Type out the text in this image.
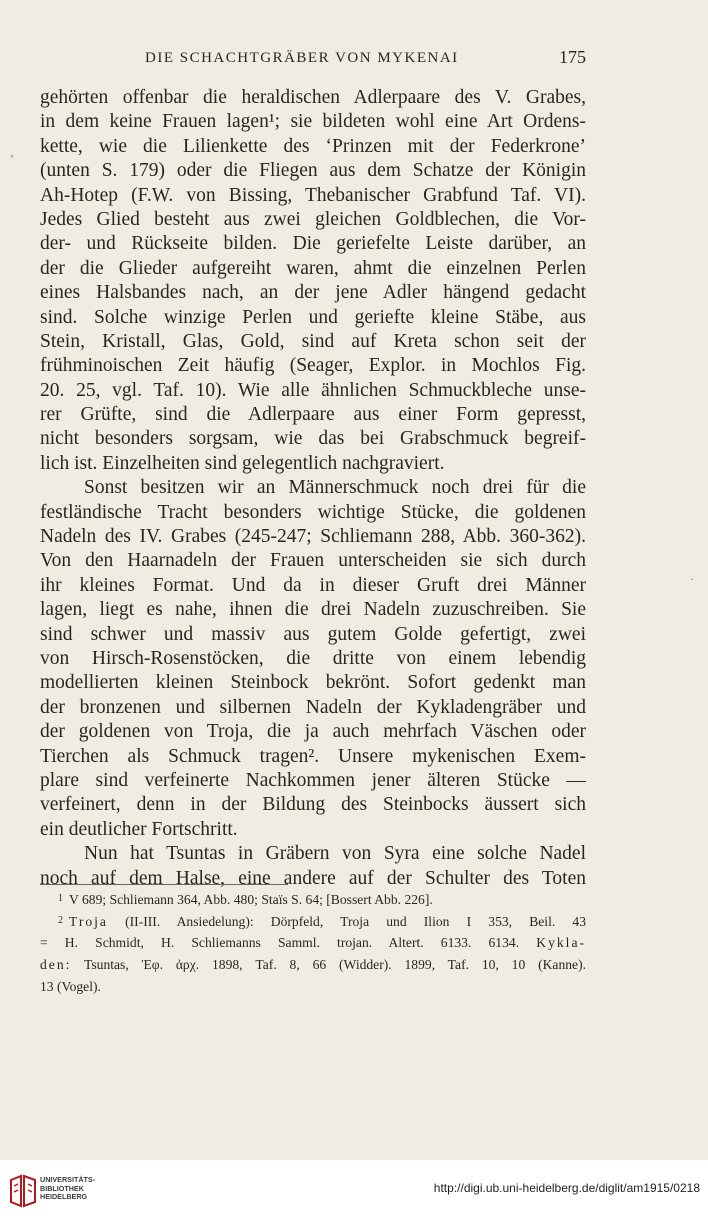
DIE SCHACHTGRÄBER VON MYKENAI	175
gehörten offenbar die heraldischen Adlerpaare des V. Grabes,
in dem keine Frauen lagen¹; sie bildeten wohl eine Art Ordens-
kette, wie die Lilienkette des ‘Prinzen mit der Federkrone’
(unten S. 179) oder die Fliegen aus dem Schatze der Königin
Ah-Hotep (F.W. von Bissing, Thebanischer Grabfund Taf. VI).
Jedes Glied besteht aus zwei gleichen Goldblechen, die Vor-
der- und Rückseite bilden. Die geriefelte Leiste darüber, an
der die Glieder aufgereiht waren, ahmt die einzelnen Perlen
eines Halsbandes nach, an der jene Adler hängend gedacht
sind. Solche winzige Perlen und geriefte kleine Stäbe, aus
Stein, Kristall, Glas, Gold, sind auf Kreta schon seit der
frühminoischen Zeit häufig (Seager, Explor. in Mochlos Fig.
20. 25, vgl. Taf. 10). Wie alle ähnlichen Schmuckbleche unse-
rer Grüfte, sind die Adlerpaare aus einer Form gepresst,
nicht besonders sorgsam, wie das bei Grabschmuck begreif-
lich ist. Einzelheiten sind gelegentlich nachgraviert.
Sonst besitzen wir an Männerschmuck noch drei für die
festländische Tracht besonders wichtige Stücke, die goldenen
Nadeln des IV. Grabes (245-247; Schliemann 288, Abb. 360-362).
Von den Haarnadeln der Frauen unterscheiden sie sich durch
ihr kleines Format. Und da in dieser Gruft drei Männer
lagen, liegt es nahe, ihnen die drei Nadeln zuzuschreiben. Sie
sind schwer und massiv aus gutem Golde gefertigt, zwei
von Hirsch-Rosenstöcken, die dritte von einem lebendig
modellierten kleinen Steinbock bekrönt. Sofort gedenkt man
der bronzenen und silbernen Nadeln der Kykladengräber und
der goldenen von Troja, die ja auch mehrfach Väschen oder
Tierchen als Schmuck tragen². Unsere mykenischen Exem-
plare sind verfeinerte Nachkommen jener älteren Stücke —
verfeinert, denn in der Bildung des Steinbocks äussert sich
ein deutlicher Fortschritt.
Nun hat Tsuntas in Gräbern von Syra eine solche Nadel
noch auf dem Halse, eine andere auf der Schulter des Toten
$^1$ V 689; Schliemann 364, Abb. 480; Staïs S. 64; [Bossert Abb. 226].
$^2$ Troja (II-III. Ansiedelung): Dörpfeld, Troja und Ilion I 353, Beil. 43
= H. Schmidt, H. Schliemanns Samml. trojan. Altert. 6133. 6134. Kykla-
den: Tsuntas, Ἐφ. ἀρχ. 1898, Taf. 8, 66 (Widder). 1899, Taf. 10, 10 (Kanne).
13 (Vogel).
‚
·
UNIVERSITÄTS-
BIBLIOTHEK
HEIDELBERG
http://digi.ub.uni-heidelberg.de/diglit/am1915/0218
